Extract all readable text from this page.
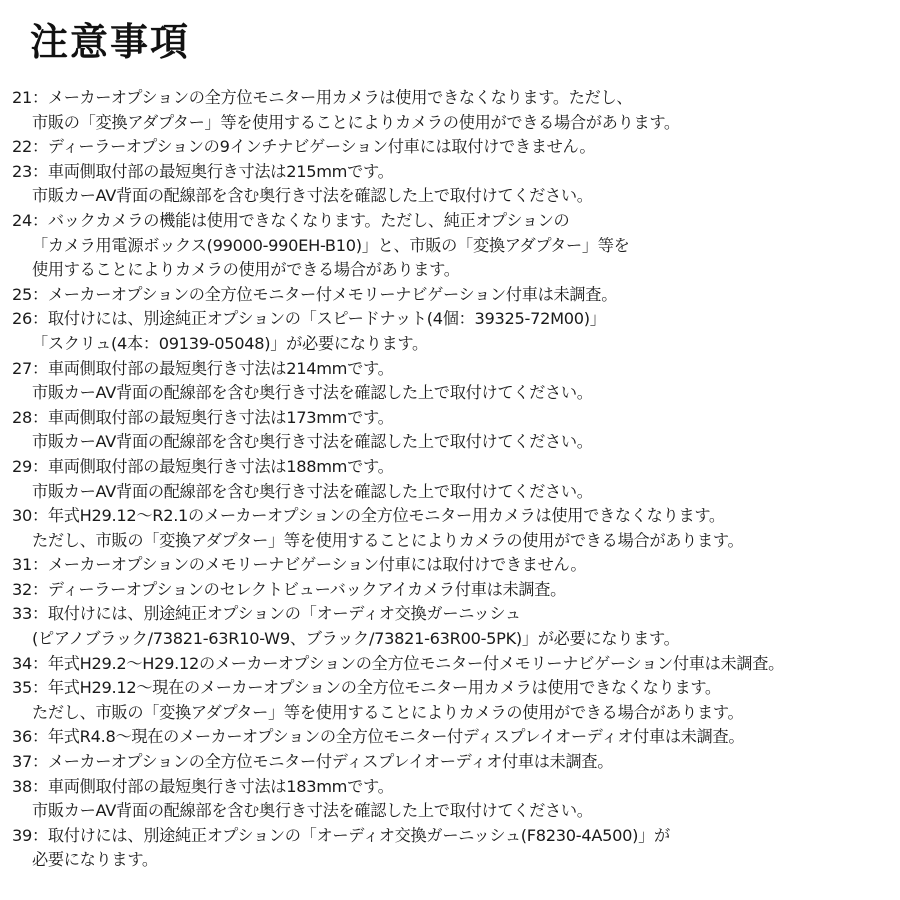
注意事項
21：メーカーオプションの全方位モニター用カメラは使用できなくなります。ただし、
市販の「変換アダプター」等を使用することによりカメラの使用ができる場合があります。
22：ディーラーオプションの9インチナビゲーション付車には取付けできません。
23：車両側取付部の最短奥行き寸法は215mmです。
市販カーAV背面の配線部を含む奥行き寸法を確認した上で取付けてください。
24：バックカメラの機能は使用できなくなります。ただし、純正オプションの
「カメラ用電源ボックス(99000-990EH-B10)」と、市販の「変換アダプター」等を
使用することによりカメラの使用ができる場合があります。
25：メーカーオプションの全方位モニター付メモリーナビゲーション付車は未調査。
26：取付けには、別途純正オプションの「スピードナット(4個：39325-72M00)」
「スクリュ(4本：09139-05048)」が必要になります。
27：車両側取付部の最短奥行き寸法は214mmです。
市販カーAV背面の配線部を含む奥行き寸法を確認した上で取付けてください。
28：車両側取付部の最短奥行き寸法は173mmです。
市販カーAV背面の配線部を含む奥行き寸法を確認した上で取付けてください。
29：車両側取付部の最短奥行き寸法は188mmです。
市販カーAV背面の配線部を含む奥行き寸法を確認した上で取付けてください。
30：年式H29.12～R2.1のメーカーオプションの全方位モニター用カメラは使用できなくなります。
ただし、市販の「変換アダプター」等を使用することによりカメラの使用ができる場合があります。
31：メーカーオプションのメモリーナビゲーション付車には取付けできません。
32：ディーラーオプションのセレクトビューバックアイカメラ付車は未調査。
33：取付けには、別途純正オプションの「オーディオ交換ガーニッシュ
(ピアノブラック/73821-63R10-W9、ブラック/73821-63R00-5PK)」が必要になります。
34：年式H29.2～H29.12のメーカーオプションの全方位モニター付メモリーナビゲーション付車は未調査。
35：年式H29.12～現在のメーカーオプションの全方位モニター用カメラは使用できなくなります。
ただし、市販の「変換アダプター」等を使用することによりカメラの使用ができる場合があります。
36：年式R4.8～現在のメーカーオプションの全方位モニター付ディスプレイオーディオ付車は未調査。
37：メーカーオプションの全方位モニター付ディスプレイオーディオ付車は未調査。
38：車両側取付部の最短奥行き寸法は183mmです。
市販カーAV背面の配線部を含む奥行き寸法を確認した上で取付けてください。
39：取付けには、別途純正オプションの「オーディオ交換ガーニッシュ(F8230-4A500)」が
必要になります。
